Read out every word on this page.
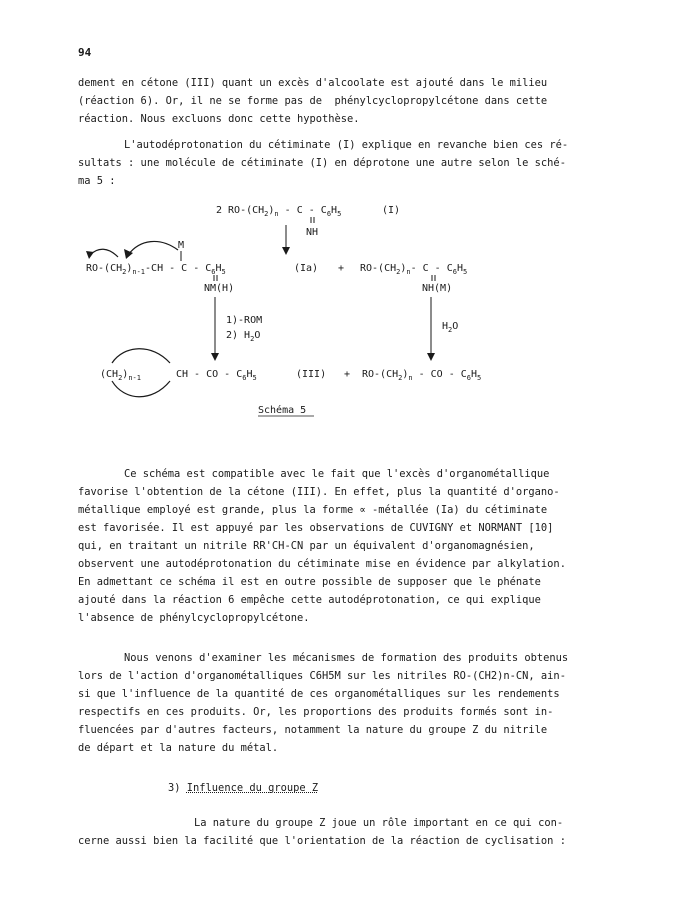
94
dement en cétone (III) quant un excès d'alcoolate est ajouté dans le milieu
(réaction 6). Or, il ne se forme pas de  phénylcyclopropylcétone dans cette
réaction. Nous excluons donc cette hypothèse.
L'autodéprotonation du cétiminate (I) explique en revanche bien ces ré-
sultats : une molécule de cétiminate (I) en déprotone une autre selon le sché-
ma 5 :
2 $RO-(CH_2)_n$ - C - $C_6H_5$	(I)
NH
M
$RO-(CH_2)_{n-1}-CH$ - C - $C_6H_5$	$(Ia) + RO-(CH_2)_n-$ C - $C_6H_5$
NM(H)	NH(M)
1)-ROM
2) $H_2O$
$H_2O$
$(CH_2)_{n-1}$	CH - CO - $C_6H_5$	$(III) + RO-(CH_2)_n$ - CO - $C_6H_5$
Schéma 5
Ce schéma est compatible avec le fait que l'excès d'organométallique
favorise l'obtention de la cétone (III). En effet, plus la quantité d'organo-
métallique employé est grande, plus la forme ∝ -métallée (Ia) du cétiminate
est favorisée. Il est appuyé par les observations de CUVIGNY et NORMANT [10]
qui, en traitant un nitrile RR'CH-CN par un équivalent d'organomagnésien,
observent une autodéprotonation du cétiminate mise en évidence par alkylation.
En admettant ce schéma il est en outre possible de supposer que le phénate
ajouté dans la réaction 6 empêche cette autodéprotonation, ce qui explique
l'absence de phénylcyclopropylcétone.
Nous venons d'examiner les mécanismes de formation des produits obtenus
lors de l'action d'organométalliques C6H5M sur les nitriles RO-(CH2)n-CN, ain-
si que l'influence de la quantité de ces organométalliques sur les rendements
respectifs en ces produits. Or, les proportions des produits formés sont in-
fluencées par d'autres facteurs, notamment la nature du groupe Z du nitrile
de départ et la nature du métal.
3) Influence du groupe Z
La nature du groupe Z joue un rôle important en ce qui con-
cerne aussi bien la facilité que l'orientation de la réaction de cyclisation :
